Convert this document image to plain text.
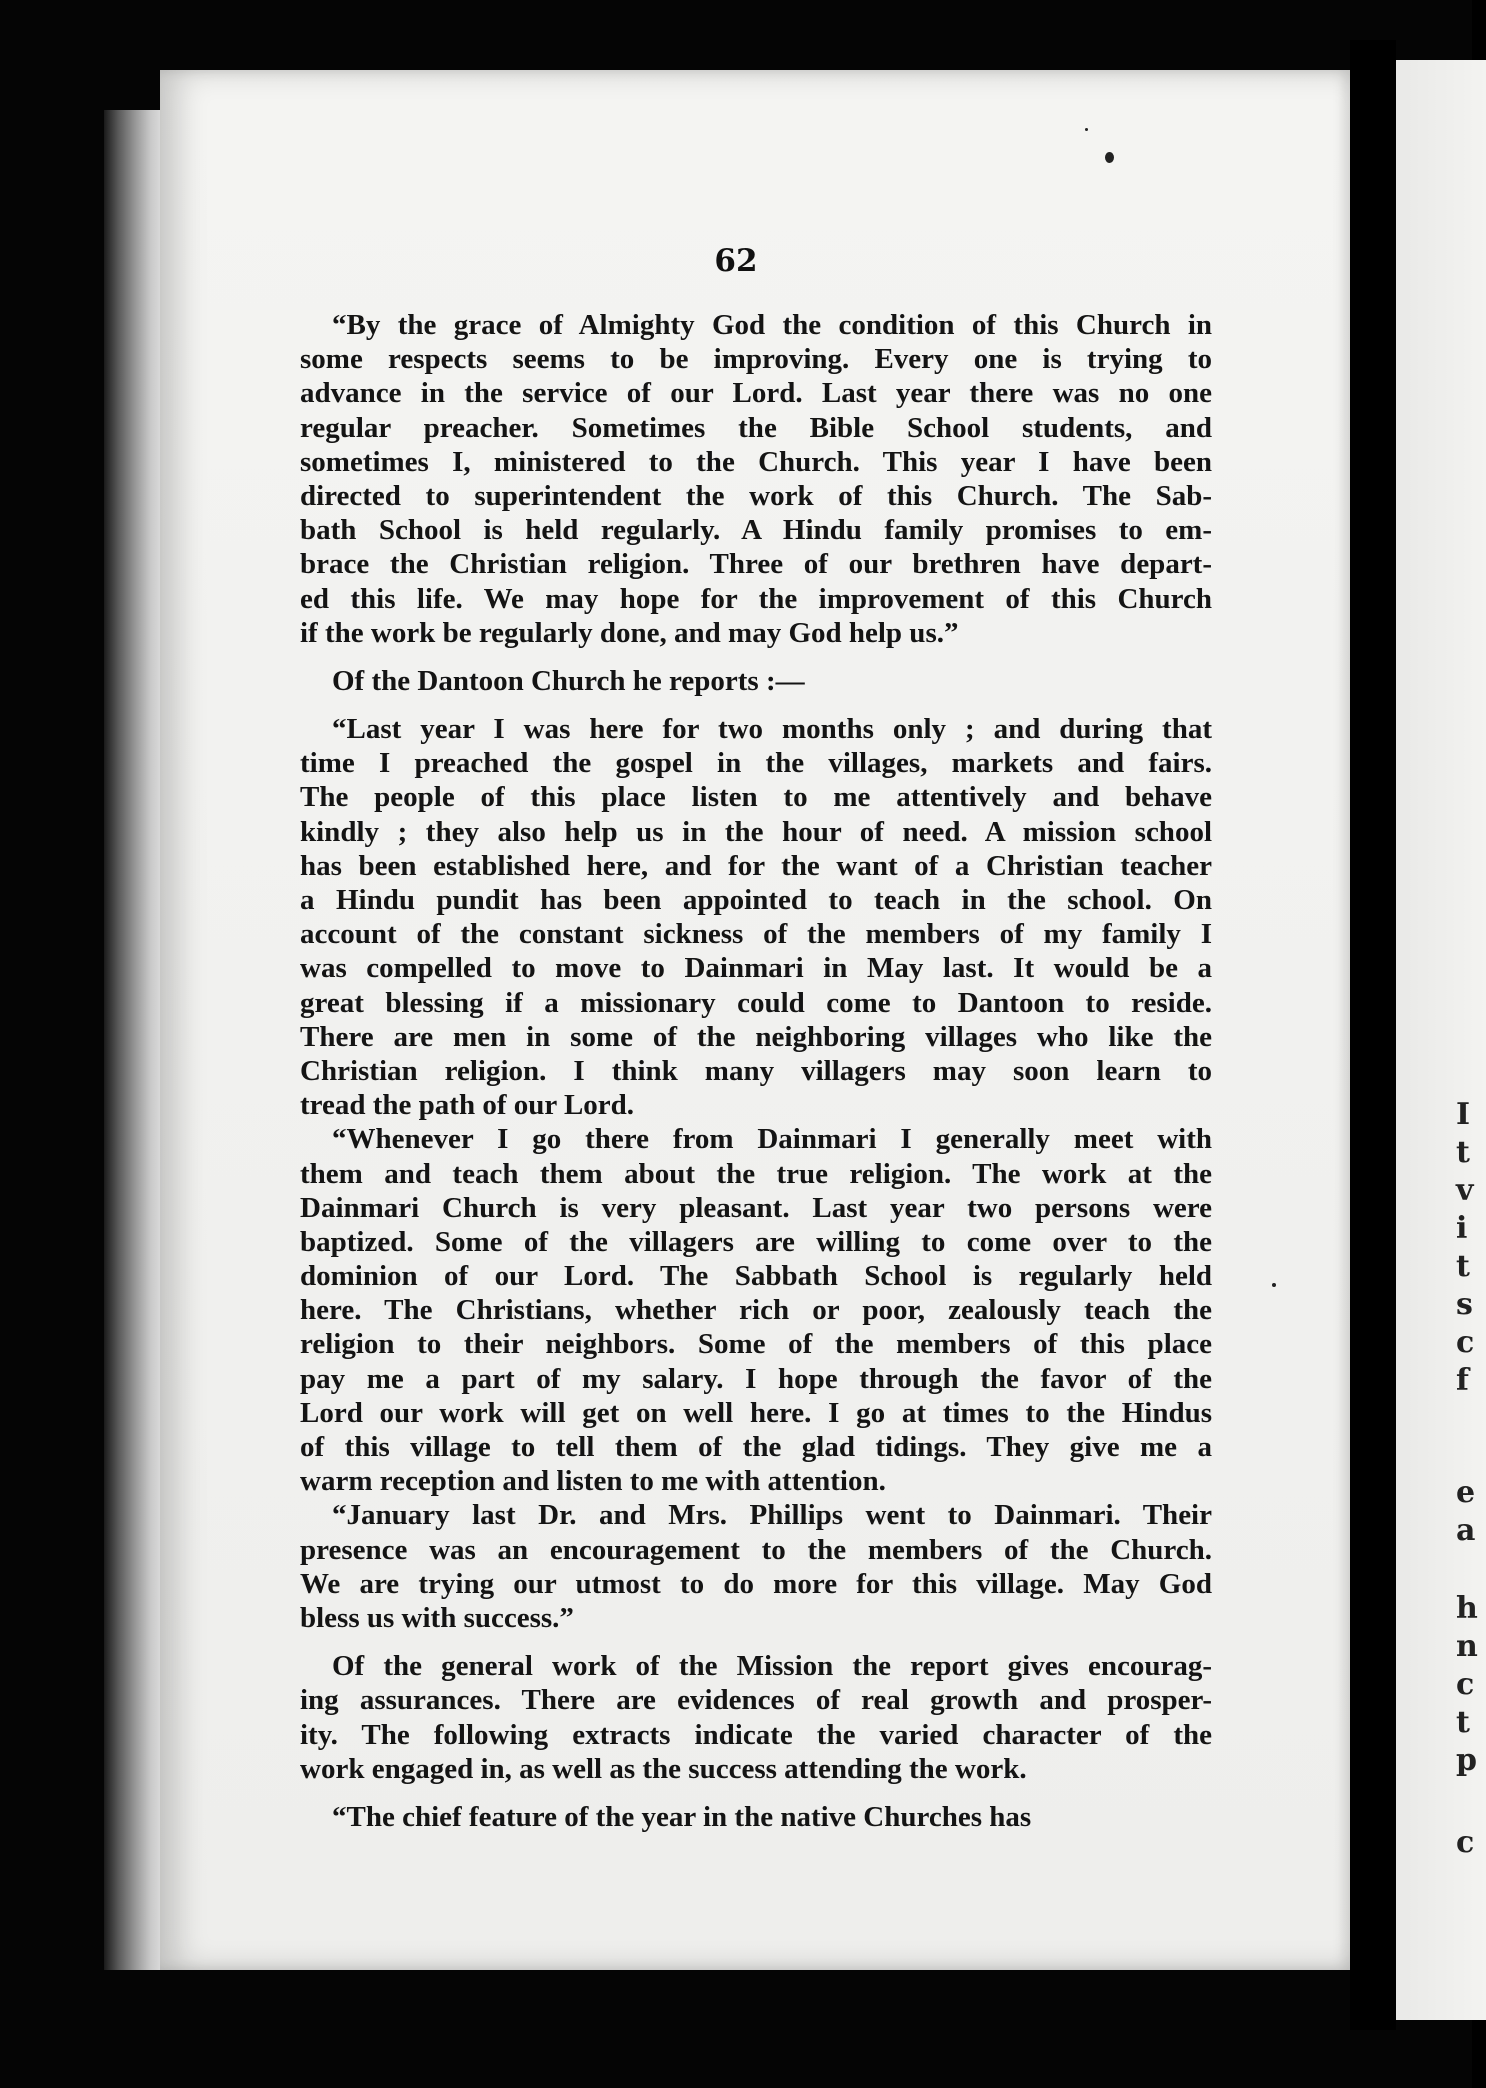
I
t
v
i
t
s
c
f
e
a
h
n
c
t
p
c
62
“By the grace of Almighty God the condition of this Church in
some respects seems to be improving. Every one is trying to
advance in the service of our Lord. Last year there was no one
regular preacher. Sometimes the Bible School students, and
sometimes I, ministered to the Church. This year I have been
directed to superintendent the work of this Church. The Sab-
bath School is held regularly. A Hindu family promises to em-
brace the Christian religion. Three of our brethren have depart-
ed this life. We may hope for the improvement of this Church
if the work be regularly done, and may God help us.”
Of the Dantoon Church he reports :—
“Last year I was here for two months only ; and during that
time I preached the gospel in the villages, markets and fairs.
The people of this place listen to me attentively and behave
kindly ; they also help us in the hour of need. A mission school
has been established here, and for the want of a Christian teacher
a Hindu pundit has been appointed to teach in the school. On
account of the constant sickness of the members of my family I
was compelled to move to Dainmari in May last. It would be a
great blessing if a missionary could come to Dantoon to reside.
There are men in some of the neighboring villages who like the
Christian religion. I think many villagers may soon learn to
tread the path of our Lord.
“Whenever I go there from Dainmari I generally meet with
them and teach them about the true religion. The work at the
Dainmari Church is very pleasant. Last year two persons were
baptized. Some of the villagers are willing to come over to the
dominion of our Lord. The Sabbath School is regularly held
here. The Christians, whether rich or poor, zealously teach the
religion to their neighbors. Some of the members of this place
pay me a part of my salary. I hope through the favor of the
Lord our work will get on well here. I go at times to the Hindus
of this village to tell them of the glad tidings. They give me a
warm reception and listen to me with attention.
“January last Dr. and Mrs. Phillips went to Dainmari. Their
presence was an encouragement to the members of the Church.
We are trying our utmost to do more for this village. May God
bless us with success.”
Of the general work of the Mission the report gives encourag-
ing assurances. There are evidences of real growth and prosper-
ity. The following extracts indicate the varied character of the
work engaged in, as well as the success attending the work.
“The chief feature of the year in the native Churches has
